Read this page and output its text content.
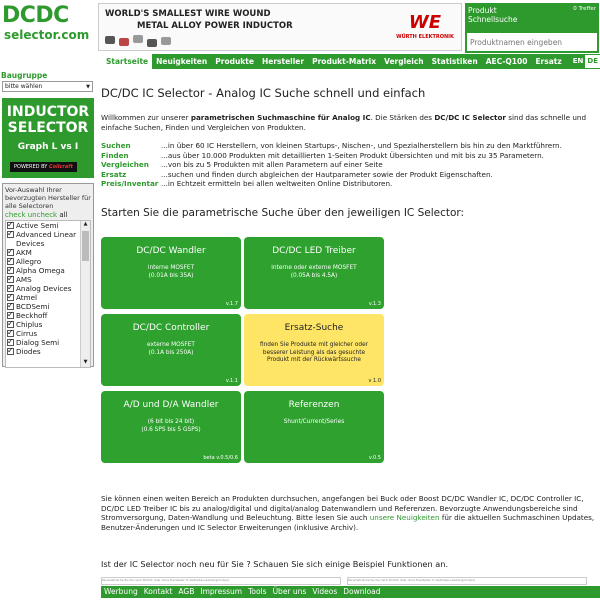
DCDC
selector.com
WORLD'S SMALLEST WIRE WOUND
METAL ALLOY POWER INDUCTOR	WE
WÜRTH ELEKTRONIK
Produkt
Schnellsuche
0 Treffer
Produktnamen eingeben
Startseite	Neuigkeiten	Produkte	Hersteller	Produkt-Matrix	Vergleich	Statistiken	AEC-Q100	Ersatz	EN DE
Baugruppe
bitte wählen	▼
INDUCTOR
SELECTOR
Graph L vs I
POWERED BY Coilcraft
Vor-Auswahl Ihrer bevorzugten Hersteller für alle Selectoren
check uncheck all
✓
Active Semi
✓
Advanced Linear Devices
✓
AKM
✓
Allegro
✓
Alpha Omega
✓
AMS
✓
Analog Devices
✓
Atmel
✓
BCDSemi
✓
Beckhoff
✓
Chiplus
✓
Cirrus
✓
Dialog Semi
✓
Diodes
▲
▼
DC/DC IC Selector - Analog IC Suche schnell und einfach
Willkommen zur unserer parametrischen Suchmaschine für Analog IC. Die Stärken des DC/DC IC Selector sind das schnelle und einfache Suchen, Finden und Vergleichen von Produkten.
Suchen	...in über 60 IC Herstellern, von kleinen Startups-, Nischen-, und Spezialherstellern bis hin zu den Marktführern.
Finden	...aus über 10.000 Produkten mit detaillierten 1-Seiten Produkt Übersichten und mit bis zu 35 Parametern.
Vergleichen	...von bis zu 5 Produkten mit allen Parametern auf einer Seite
Ersatz	...suchen und finden durch abgleichen der Hautparameter sowie der Produkt Eigenschaften.
Preis/Inventar ...in Echtzeit ermitteln bei allen weltweiten Online Distributoren.
Starten Sie die parametrische Suche über den jeweiligen IC Selector:
DC/DC Wandler
interne MOSFET
(0.01A bis 35A)
v.1.7
DC/DC LED Treiber
interne oder externe MOSFET
(0.05A bis 4.5A)
v.1.3
DC/DC Controller
externe MOSFET
(0.1A bis 250A)
v.1.1
Ersatz-Suche
finden Sie Produkte mit gleicher oder
besserer Leistung als das gesuchte
Produkt mit der Rückwärtssuche
v 1.0
A/D und D/A Wandler
(6 bit bis 24 bit)
(0.6 SPS bis 5 GSPS)
beta v.0.5/0.6
Referenzen
Shunt/Current/Series
v.0.5
Sie können einen weiten Bereich an Produkten durchsuchen, angefangen bei Buck oder Boost DC/DC Wandler IC, DC/DC Controller IC, DC/DC LED Treiber IC bis zu analog/digital und digital/analog Datenwandlern und Referenzen. Bevorzugte Anwendungsbereiche sind Stromversorgung, Daten-Wandlung und Beleuchtung. Bitte lesen Sie auch unsere Neuigkeiten für die aktuellen Suchmaschinen Updates, Benutzer-Änderungen und IC Selector Erweiterungen (inklusive Archiv).
Ist der IC Selector noch neu für Sie ? Schauen Sie sich einige Beispiel Funktionen an.
Parametrische Suche nach DC/DC (hier ohne Hersteller IC Getrieben-kartengründen)	Parametrische Suche nach DC/DC (hier ohne Hersteller IC Getrieben-kartengründen)
Werbung Kontakt AGB Impressum Tools Über uns Videos Download
